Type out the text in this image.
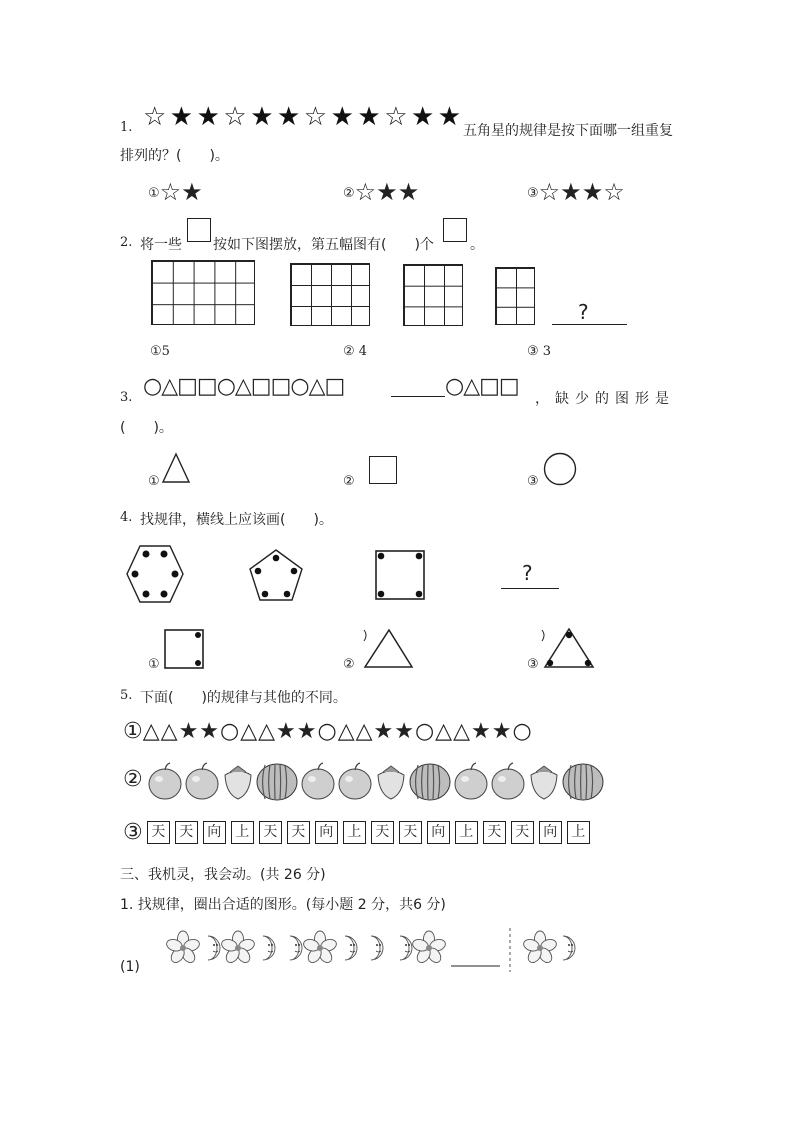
1. ☆ ★ ★ ☆ ★ ★ ☆ ★ ★ ☆ ★ ★ 五角星的规律是按下面哪一组重复
排列的？(　　)。
①☆★	②☆★★	③☆★★☆
2. 将一些 按如下图摆放，第五幅图有(　　)个	。
?
①5	② 4	③ 3
3. ○△□□○△□□○△□	○△□□ ，缺少的图形是
(　　)。
①	②	③
4. 找规律，横线上应该画(　　)。
?
①	②	③
5. 下面(　　)的规律与其他的不同。
①△△★★○△△★★○△△★★○△△★★○
②
③ 天 天 向 上 天 天 向 上 天 天 向 上 天 天 向 上
三、我机灵，我会动。(共 26 分)
1. 找规律，圈出合适的图形。(每小题 2 分，共6 分)
(1)
